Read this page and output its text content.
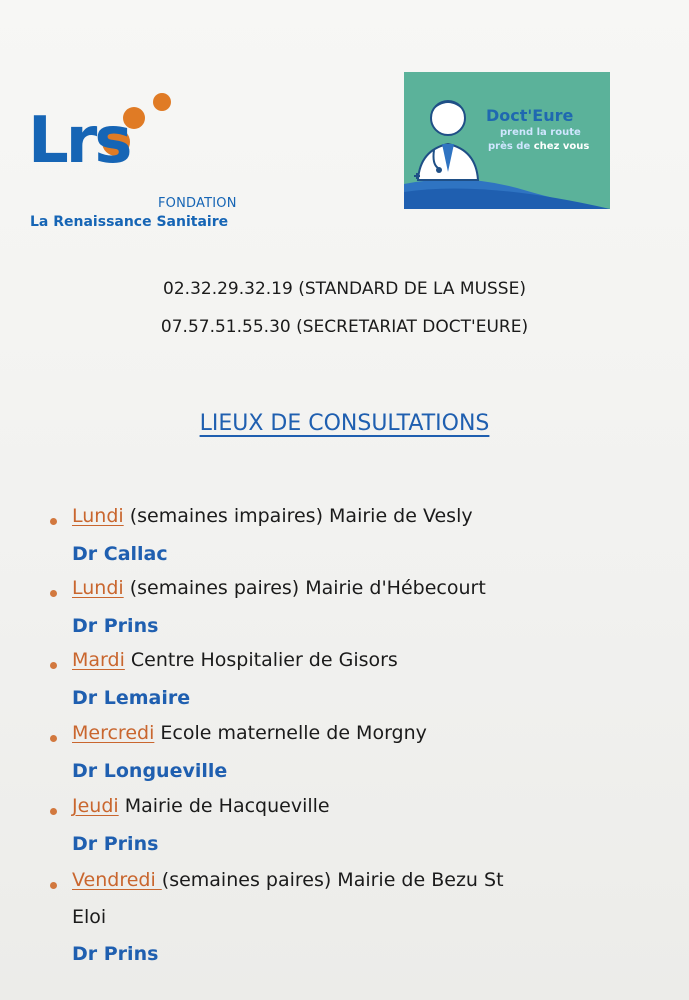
Lrs
FONDATION
La Renaissance Sanitaire
Doct'Eure
prend la route
près de chez vous
02.32.29.32.19 (STANDARD DE LA MUSSE)
07.57.51.55.30 (SECRETARIAT DOCT'EURE)
LIEUX DE CONSULTATIONS
Lundi (semaines impaires) Mairie de Vesly
Dr Callac
Lundi (semaines paires) Mairie d'Hébecourt
Dr Prins
Mardi Centre Hospitalier de Gisors
Dr Lemaire
Mercredi Ecole maternelle de Morgny
Dr Longueville
Jeudi Mairie de Hacqueville
Dr Prins
Vendredi (semaines paires) Mairie de Bezu St
Eloi
Dr Prins
